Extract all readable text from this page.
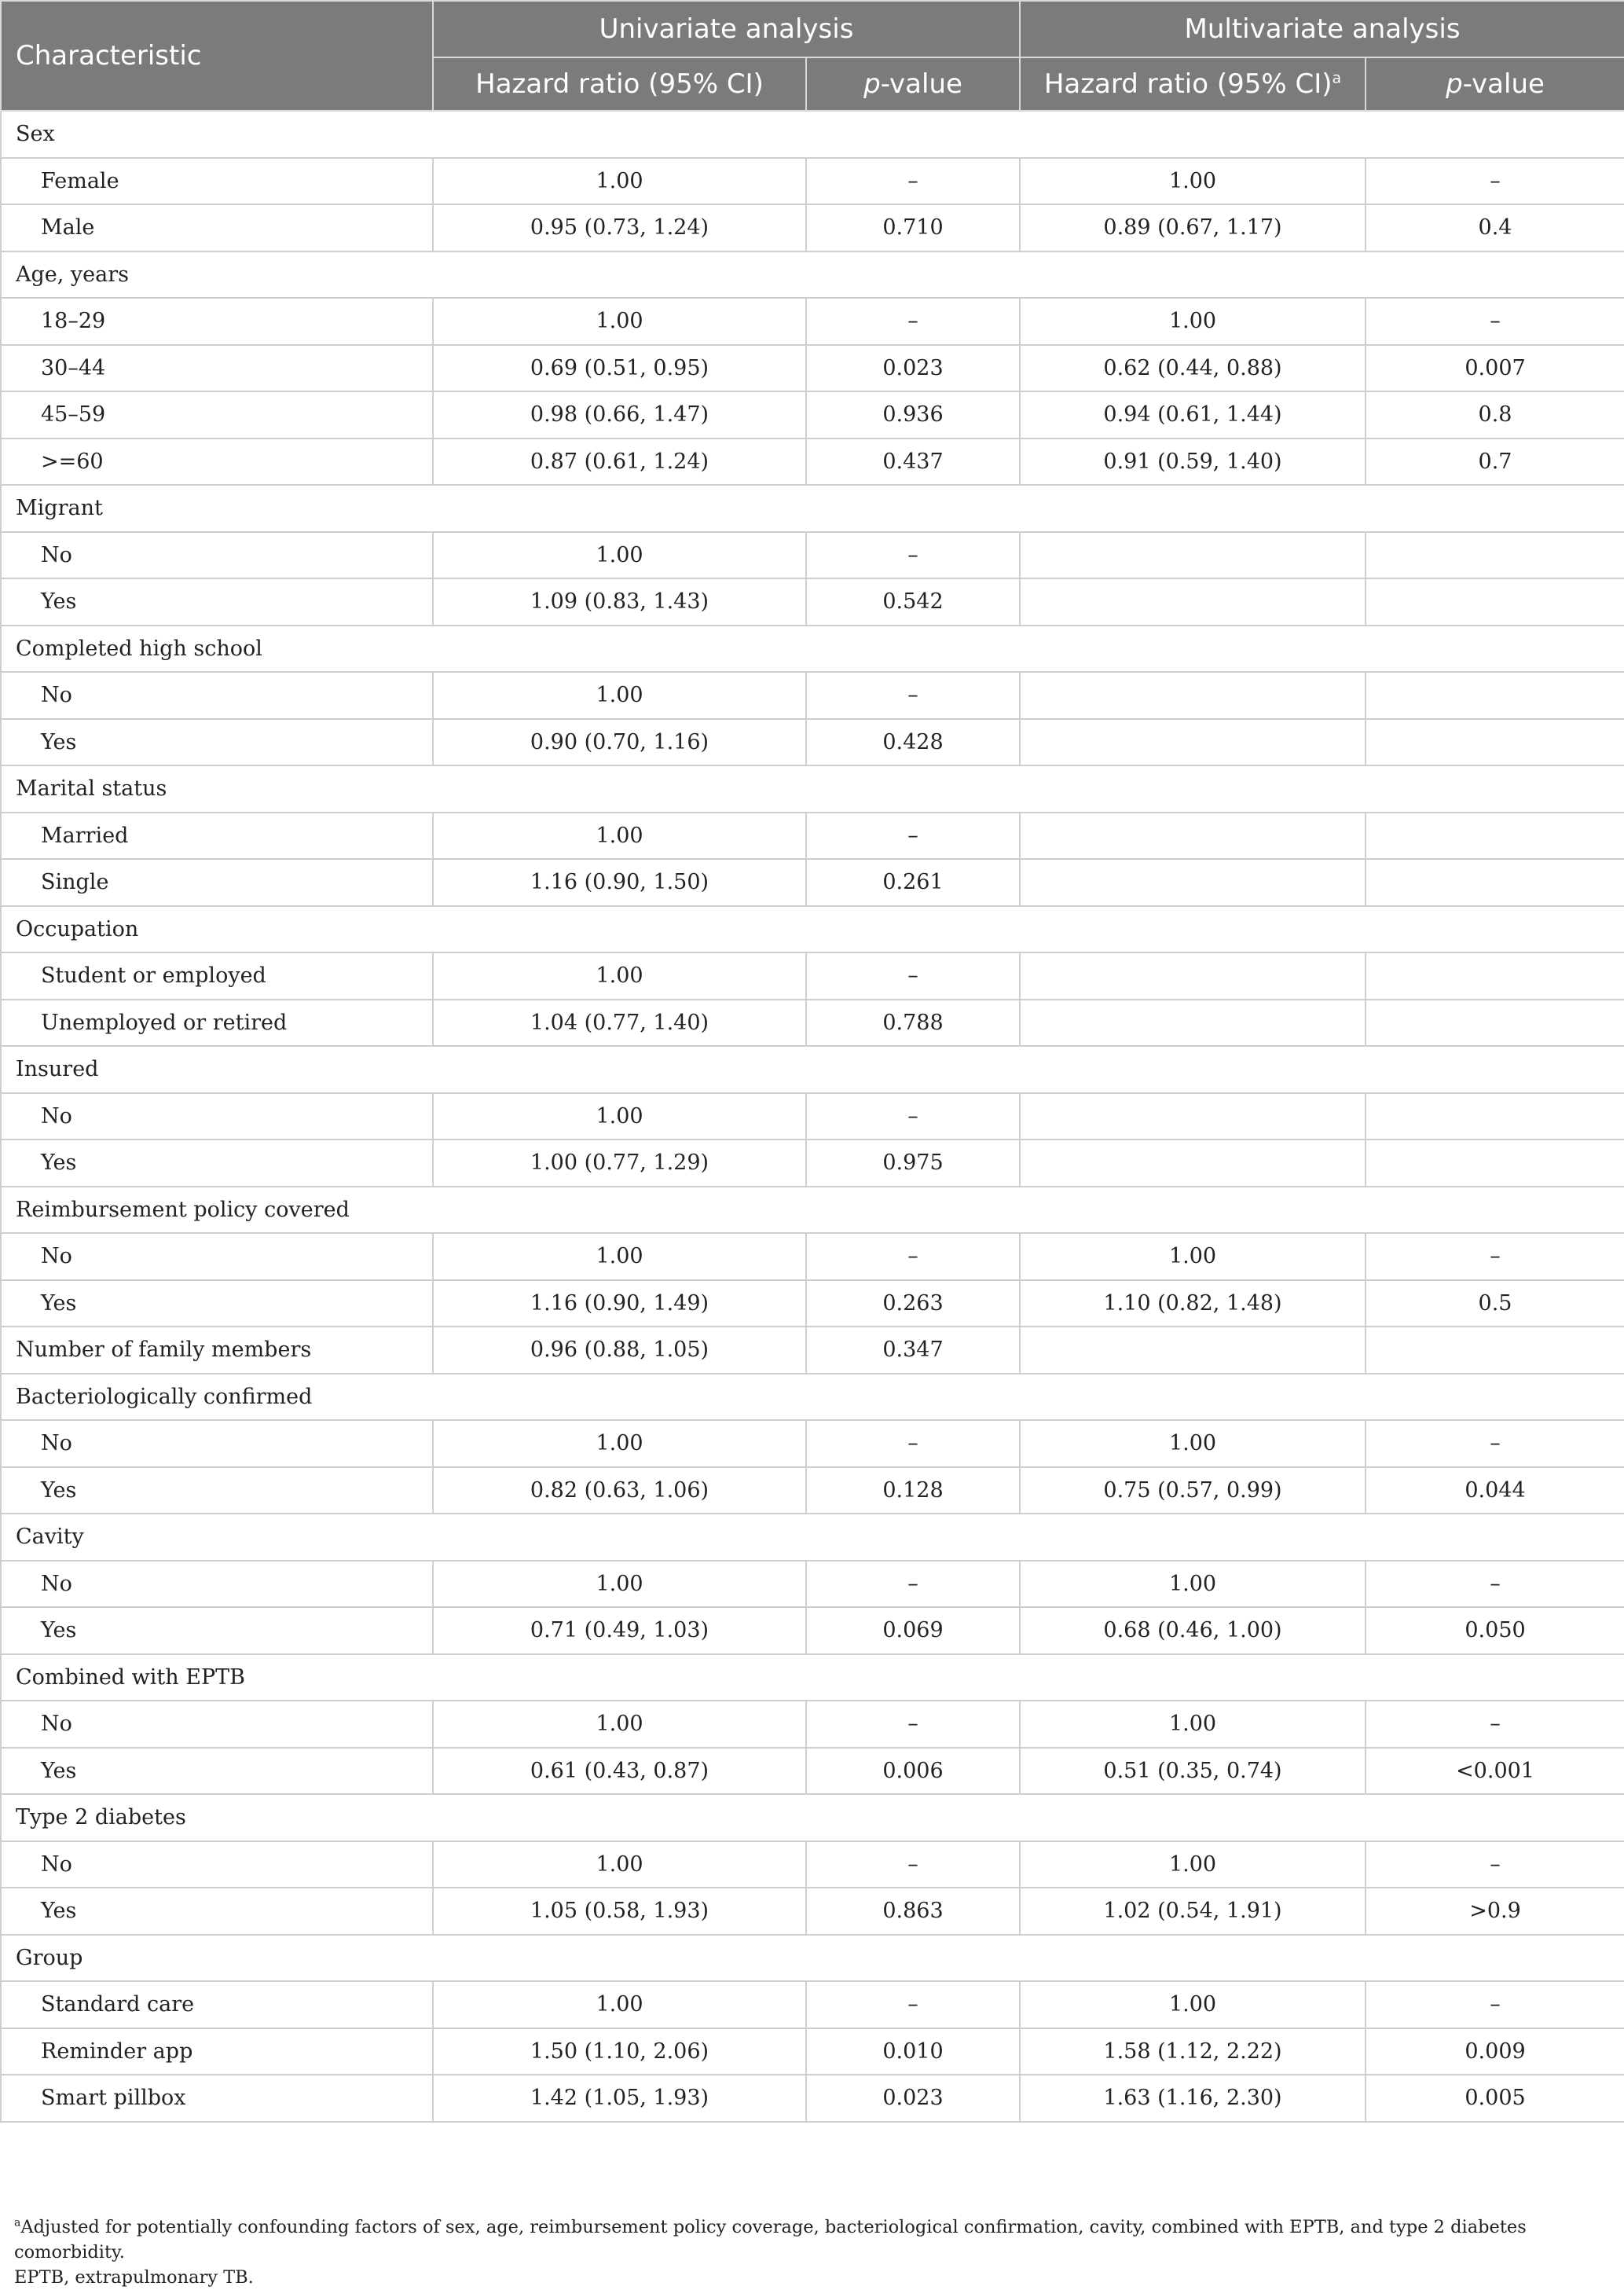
Characteristic	Univariate analysis		Multivariate analysis	
	Hazard ratio (95% CI)	p-value	Hazard ratio (95% CI)$^a$	p-value
Sex				
Female	1.00	–	1.00	–
Male	0.95 (0.73, 1.24)	0.710	0.89 (0.67, 1.17)	0.4
Age, years				
18–29	1.00	–	1.00	–
30–44	0.69 (0.51, 0.95)	0.023	0.62 (0.44, 0.88)	0.007
45–59	0.98 (0.66, 1.47)	0.936	0.94 (0.61, 1.44)	0.8
>=60	0.87 (0.61, 1.24)	0.437	0.91 (0.59, 1.40)	0.7
Migrant				
No	1.00	–		
Yes	1.09 (0.83, 1.43)	0.542		
Completed high school				
No	1.00	–		
Yes	0.90 (0.70, 1.16)	0.428		
Marital status				
Married	1.00	–		
Single	1.16 (0.90, 1.50)	0.261		
Occupation				
Student or employed	1.00	–		
Unemployed or retired	1.04 (0.77, 1.40)	0.788		
Insured				
No	1.00	–		
Yes	1.00 (0.77, 1.29)	0.975		
Reimbursement policy covered				
No	1.00	–	1.00	–
Yes	1.16 (0.90, 1.49)	0.263	1.10 (0.82, 1.48)	0.5
Number of family members	0.96 (0.88, 1.05)	0.347		
Bacteriologically confirmed				
No	1.00	–	1.00	–
Yes	0.82 (0.63, 1.06)	0.128	0.75 (0.57, 0.99)	0.044
Cavity				
No	1.00	–	1.00	–
Yes	0.71 (0.49, 1.03)	0.069	0.68 (0.46, 1.00)	0.050
Combined with EPTB				
No	1.00	–	1.00	–
Yes	0.61 (0.43, 0.87)	0.006	0.51 (0.35, 0.74)	<0.001
Type 2 diabetes				
No	1.00	–	1.00	–
Yes	1.05 (0.58, 1.93)	0.863	1.02 (0.54, 1.91)	>0.9
Group				
Standard care	1.00	–	1.00	–
Reminder app	1.50 (1.10, 2.06)	0.010	1.58 (1.12, 2.22)	0.009
Smart pillbox	1.42 (1.05, 1.93)	0.023	1.63 (1.16, 2.30)	0.005
$^a$Adjusted for potentially confounding factors of sex, age, reimbursement policy coverage, bacteriological confirmation, cavity, combined with EPTB, and type 2 diabetes comorbidity.
EPTB, extrapulmonary TB.
